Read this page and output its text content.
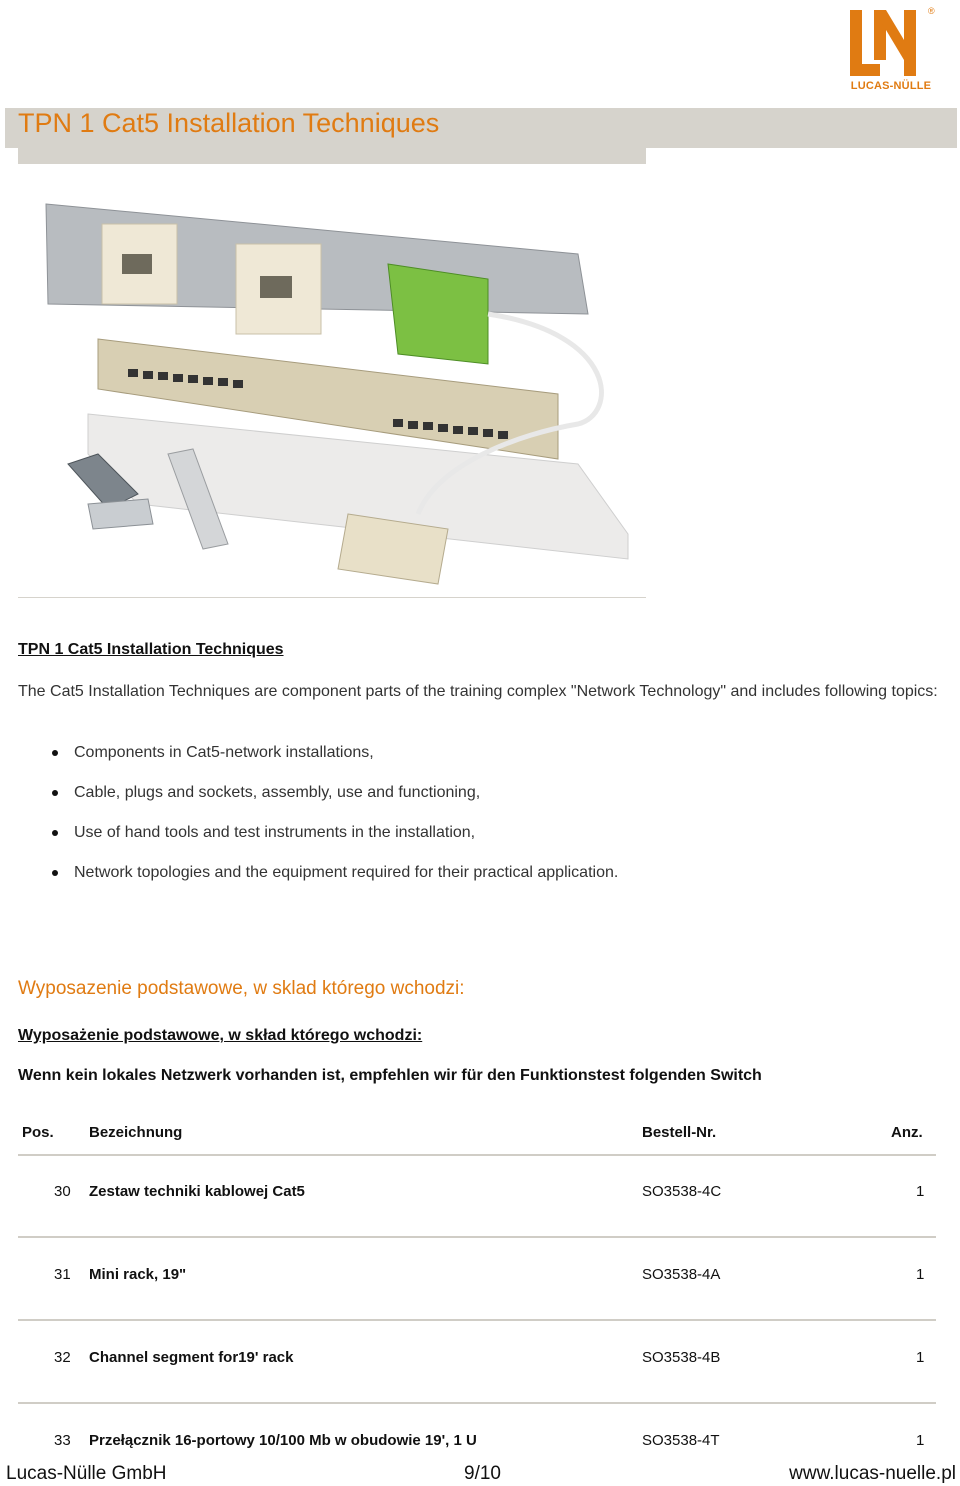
®
LUCAS-NÜLLE
TPN 1 Cat5 Installation Techniques
TPN 1 Cat5 Installation Techniques
The Cat5 Installation Techniques are component parts of the training complex "Network Technology" and includes following topics:
Components in Cat5-network installations,
Cable, plugs and sockets, assembly, use and functioning,
Use of hand tools and test instruments in the installation,
Network topologies and the equipment required for their practical application.
Wyposazenie podstawowe, w sklad którego wchodzi:
Wyposażenie podstawowe, w skład którego wchodzi:
Wenn kein lokales Netzwerk vorhanden ist, empfehlen wir für den Funktionstest folgenden Switch
Pos. Bezeichnung	Bestell-Nr.	Anz.
30 Zestaw techniki kablowej Cat5	SO3538-4C	1
31 Mini rack, 19"	SO3538-4A	1
32 Channel segment for19' rack	SO3538-4B	1
33 Przełącznik 16-portowy 10/100 Mb w obudowie 19', 1 U	SO3538-4T	1
Lucas-Nülle GmbH	9/10	www.lucas-nuelle.pl
